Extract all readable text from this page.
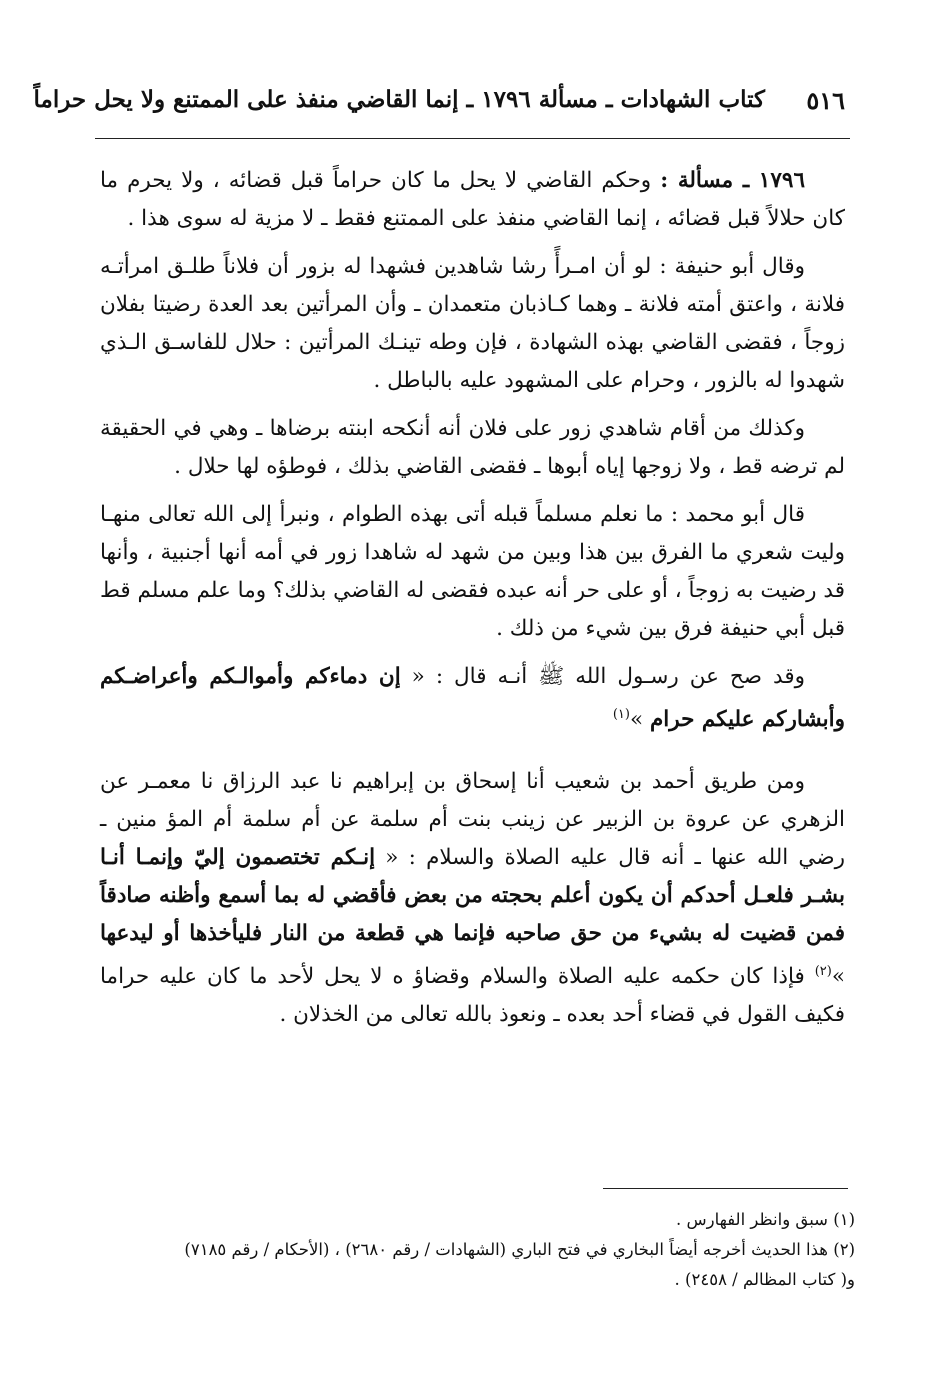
٥١٦
كتاب الشهادات ـ مسألة ١٧٩٦ ـ إنما القاضي منفذ على الممتنع ولا يحل حراماً

١٧٩٦ ـ مسألة : وحكم القاضي لا يحل ما كان حراماً قبل قضائه ، ولا يحرم ما كان حلالاً قبل قضائه ، إنما القاضي منفذ على الممتنع فقط ـ لا مزية له سوى هذا .

وقال أبو حنيفة : لو أن امـرأً رشا شاهدين فشهدا له بزور أن فلاناً طلـق امرأتـه فلانة ، واعتق أمته فلانة ـ وهما كـاذبان متعمدان ـ وأن المرأتين بعد العدة رضيتا بفلان زوجاً ، فقضى القاضي بهذه الشهادة ، فإن وطه تينـك المرأتين : حلال للفاسـق الـذي شهدوا له بالزور ، وحرام على المشهود عليه بالباطل .

وكذلك من أقام شاهدي زور على فلان أنه أنكحه ابنته برضاها ـ وهي في الحقيقة لم ترضه قط ، ولا زوجها إياه أبوها ـ فقضى القاضي بذلك ، فوطؤه لها حلال .

قال أبو محمد : ما نعلم مسلماً قبله أتى بهذه الطوام ، ونبرأ إلى الله تعالى منهـا وليت شعري ما الفرق بين هذا وبين من شهد له شاهدا زور في أمه أنها أجنبية ، وأنها قد رضيت به زوجاً ، أو على حر أنه عبده فقضى له القاضي بذلك؟ وما علم مسلم قط قبل أبي حنيفة فرق بين شيء من ذلك .

وقد صح عن رسـول الله ﷺ أنـه قال : « إن دماءكم وأموالـكم وأعراضـكم وأبشاركم عليكم حرام »$^{(١)}$

ومن طريق أحمد بن شعيب أنا إسحاق بن إبراهيم نا عبد الرزاق نا معمـر عن الزهري عن عروة بن الزبير عن زينب بنت أم سلمة عن أم سلمة أم المؤ منين ـ رضي الله عنها ـ أنه قال عليه الصلاة والسلام : « إنـكم تختصمون إليّ وإنمـا أنـا بشـر فلعـل أحدكم أن يكون أعلم بحجته من بعض فأقضي له بما أسمع وأظنه صادقاً فمن قضيت له بشيء من حق صاحبه فإنما هي قطعة من النار فليأخذها أو ليدعها »$^{(٢)}$ فإذا كان حكمه عليه الصلاة والسلام وقضاؤ ه لا يحل لأحد ما كان عليه حراما فكيف القول في قضاء أحد بعده ـ ونعوذ بالله تعالى من الخذلان .

(١) سبق وانظر الفهارس .

(٢) هذا الحديث أخرجه أيضاً البخاري في فتح الباري (الشهادات / رقم ٢٦٨٠) ، (الأحكام / رقم ٧١٨٥)

و( كتاب المظالم / ٢٤٥٨) .
